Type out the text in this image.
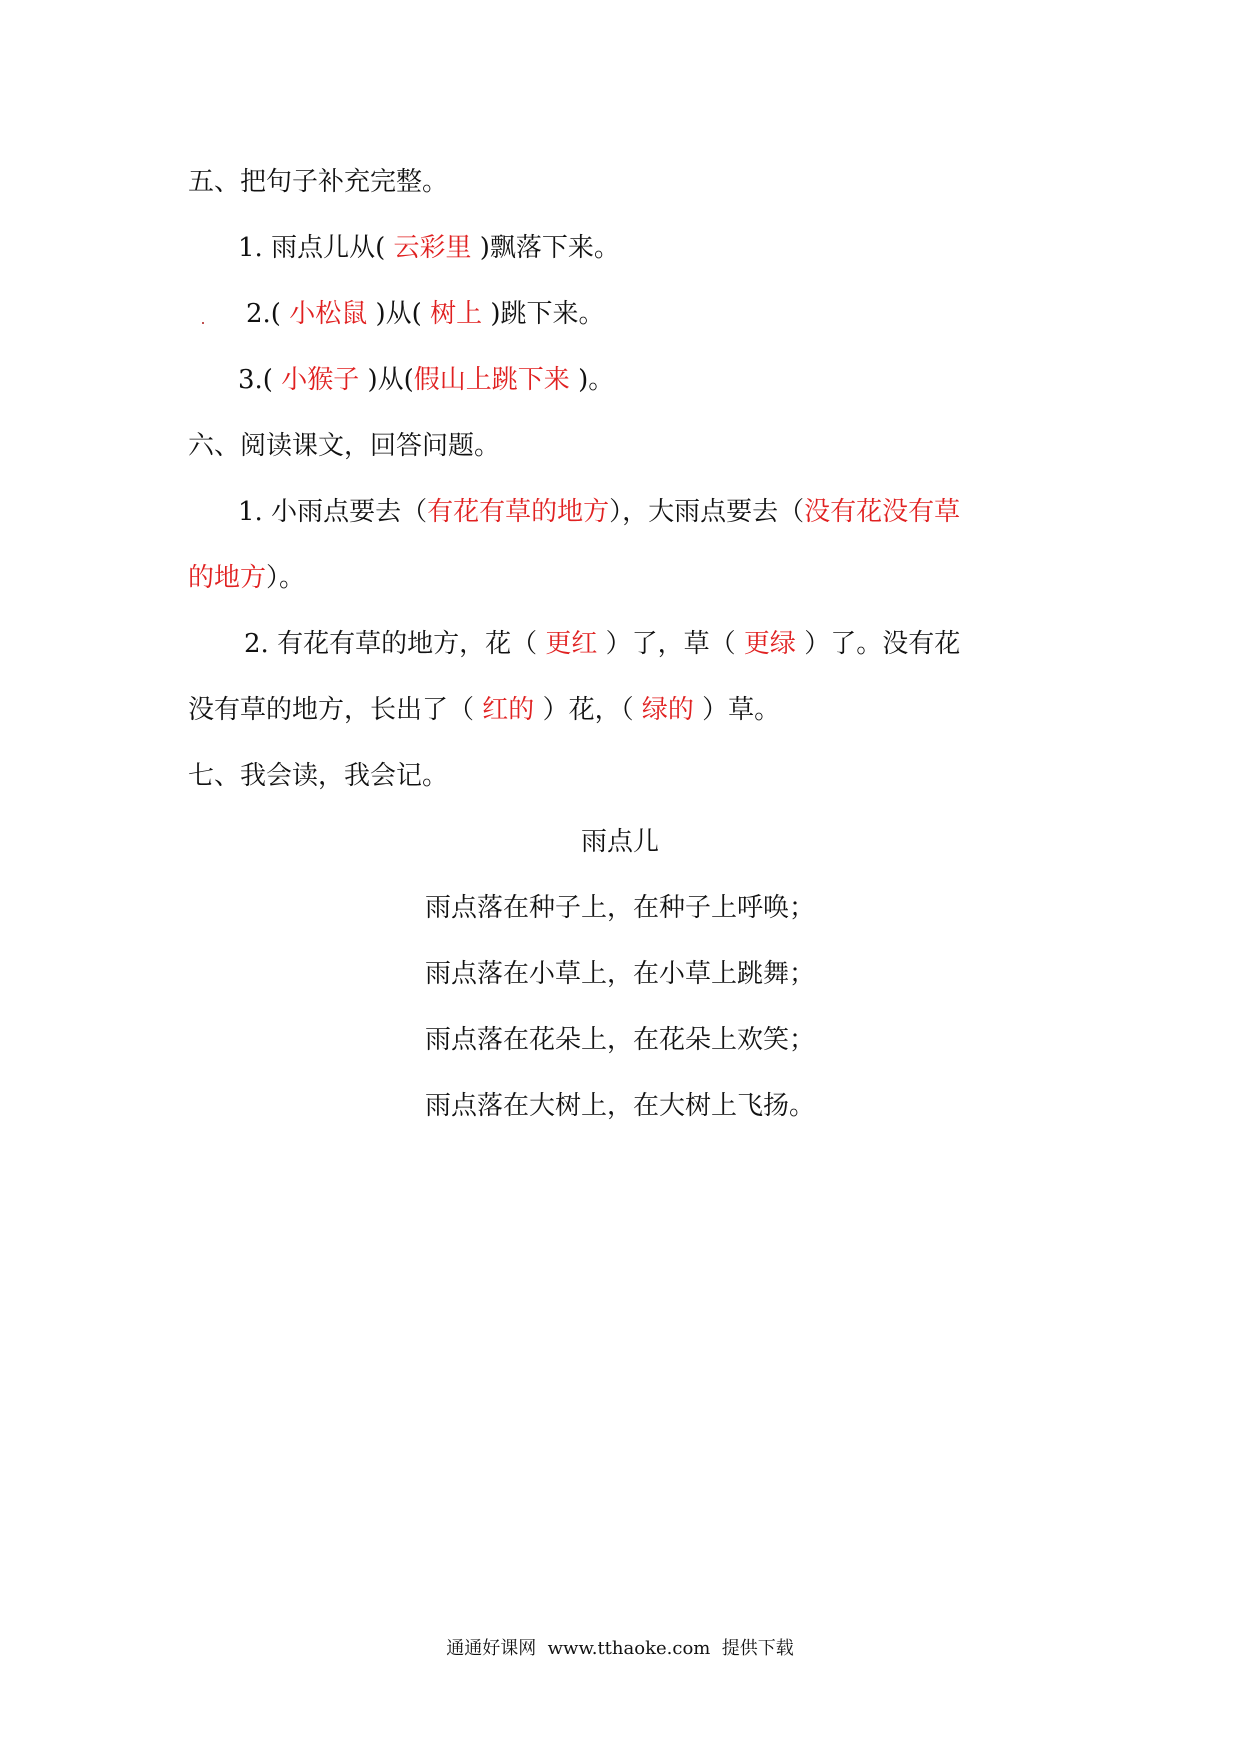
五、把句子补充完整。
1. 雨点儿从( 云彩里 )飘落下来。
2.( 小松鼠 )从( 树上 )跳下来。
3.( 小猴子 )从(假山上跳下来 )。
六、阅读课文，回答问题。
1. 小雨点要去（有花有草的地方），大雨点要去（没有花没有草
的地方）。
2. 有花有草的地方，花（ 更红 ）了，草（ 更绿 ）了。没有花
没有草的地方，长出了（ 红的 ）花，（ 绿的 ）草。
七、我会读，我会记。
雨点儿
雨点落在种子上，在种子上呼唤；
雨点落在小草上，在小草上跳舞；
雨点落在花朵上，在花朵上欢笑；
雨点落在大树上，在大树上飞扬。
通通好课网  www.tthaoke.com  提供下载
